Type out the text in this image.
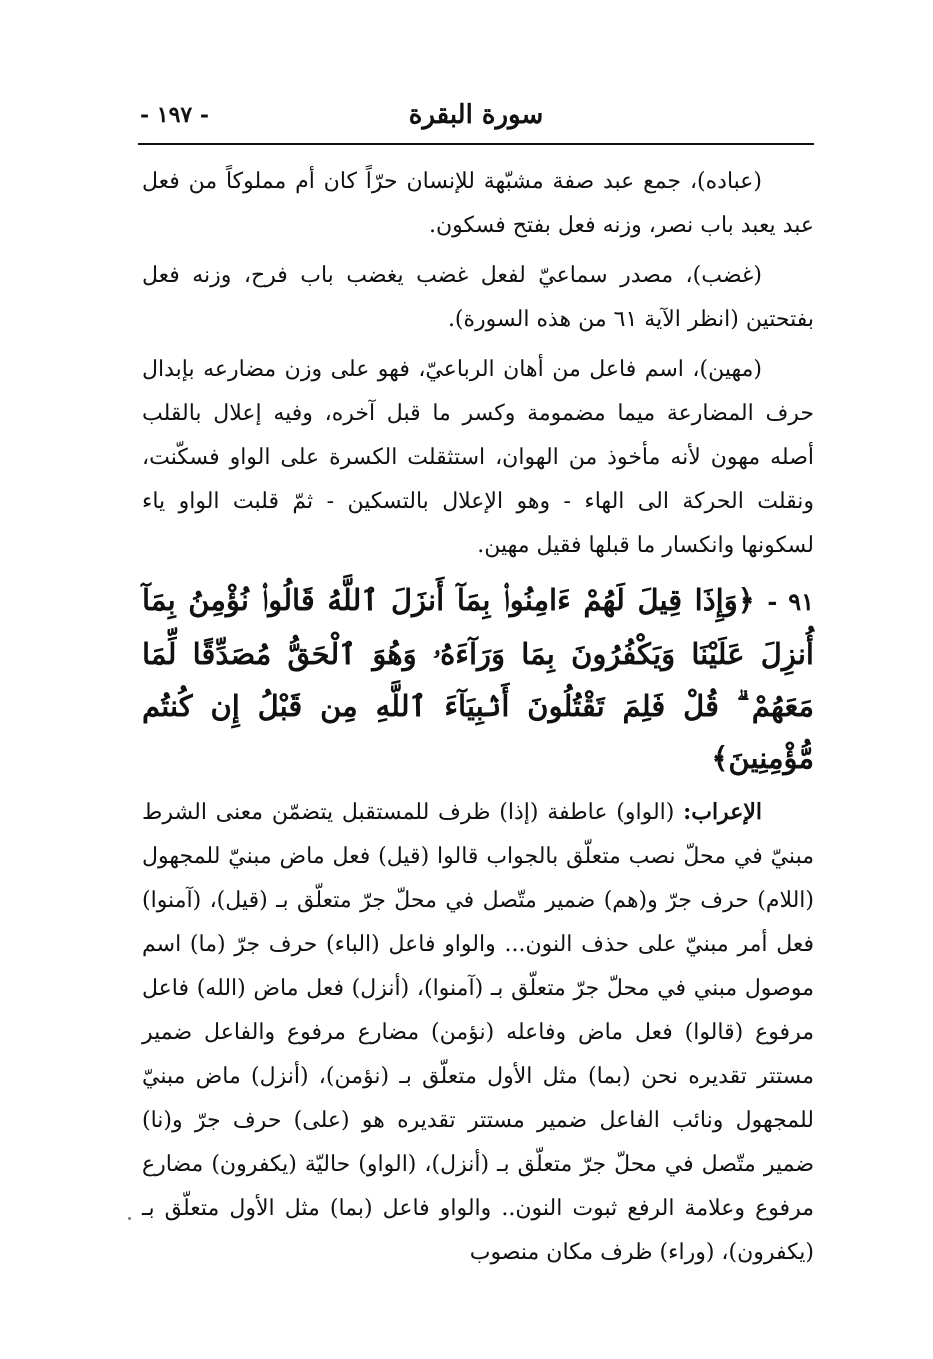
سورة البقرة
- ١٩٧ -

(عباده)، جمع عبد صفة مشبّهة للإنسان حرّاً كان أم مملوكاً من فعل عبد يعبد باب نصر، وزنه فعل بفتح فسكون.

(غضب)، مصدر سماعيّ لفعل غضب يغضب باب فرح، وزنه فعل بفتحتين (انظر الآية ٦١ من هذه السورة).

(مهين)، اسم فاعل من أهان الرباعيّ، فهو على وزن مضارعه بإبدال حرف المضارعة ميما مضمومة وكسر ما قبل آخره، وفيه إعلال بالقلب أصله مهون لأنه مأخوذ من الهوان، استثقلت الكسرة على الواو فسكّنت، ونقلت الحركة الى الهاء - وهو الإعلال بالتسكين - ثمّ قلبت الواو ياء لسكونها وانكسار ما قبلها فقيل مهين.

٩١ - ﴿وَإِذَا قِيلَ لَهُمْ ءَامِنُوا۟ بِمَآ أَنزَلَ ٱللَّهُ قَالُوا۟ نُؤْمِنُ بِمَآ أُنزِلَ عَلَيْنَا وَيَكْفُرُونَ بِمَا وَرَآءَهُۥ وَهُوَ ٱلْحَقُّ مُصَدِّقًا لِّمَا مَعَهُمْ ۗ قُلْ فَلِمَ تَقْتُلُونَ أَنۢبِيَآءَ ٱللَّهِ مِن قَبْلُ إِن كُنتُم مُّؤْمِنِينَ﴾

الإعراب: (الواو) عاطفة (إذا) ظرف للمستقبل يتضمّن معنى الشرط مبنيّ في محلّ نصب متعلّق بالجواب قالوا (قيل) فعل ماض مبنيّ للمجهول (اللام) حرف جرّ و(هم) ضمير متّصل في محلّ جرّ متعلّق بـ (قيل)، (آمنوا) فعل أمر مبنيّ على حذف النون... والواو فاعل (الباء) حرف جرّ (ما) اسم موصول مبني في محلّ جرّ متعلّق بـ (آمنوا)، (أنزل) فعل ماض (الله) فاعل مرفوع (قالوا) فعل ماض وفاعله (نؤمن) مضارع مرفوع والفاعل ضمير مستتر تقديره نحن (بما) مثل الأول متعلّق بـ (نؤمن)، (أنزل) ماض مبنيّ للمجهول ونائب الفاعل ضمير مستتر تقديره هو (على) حرف جرّ و(نا) ضمير متّصل في محلّ جرّ متعلّق بـ (أنزل)، (الواو) حاليّة (يكفرون) مضارع مرفوع وعلامة الرفع ثبوت النون.. والواو فاعل (بما) مثل الأول متعلّق بـ (يكفرون)، (وراء) ظرف مكان منصوب
